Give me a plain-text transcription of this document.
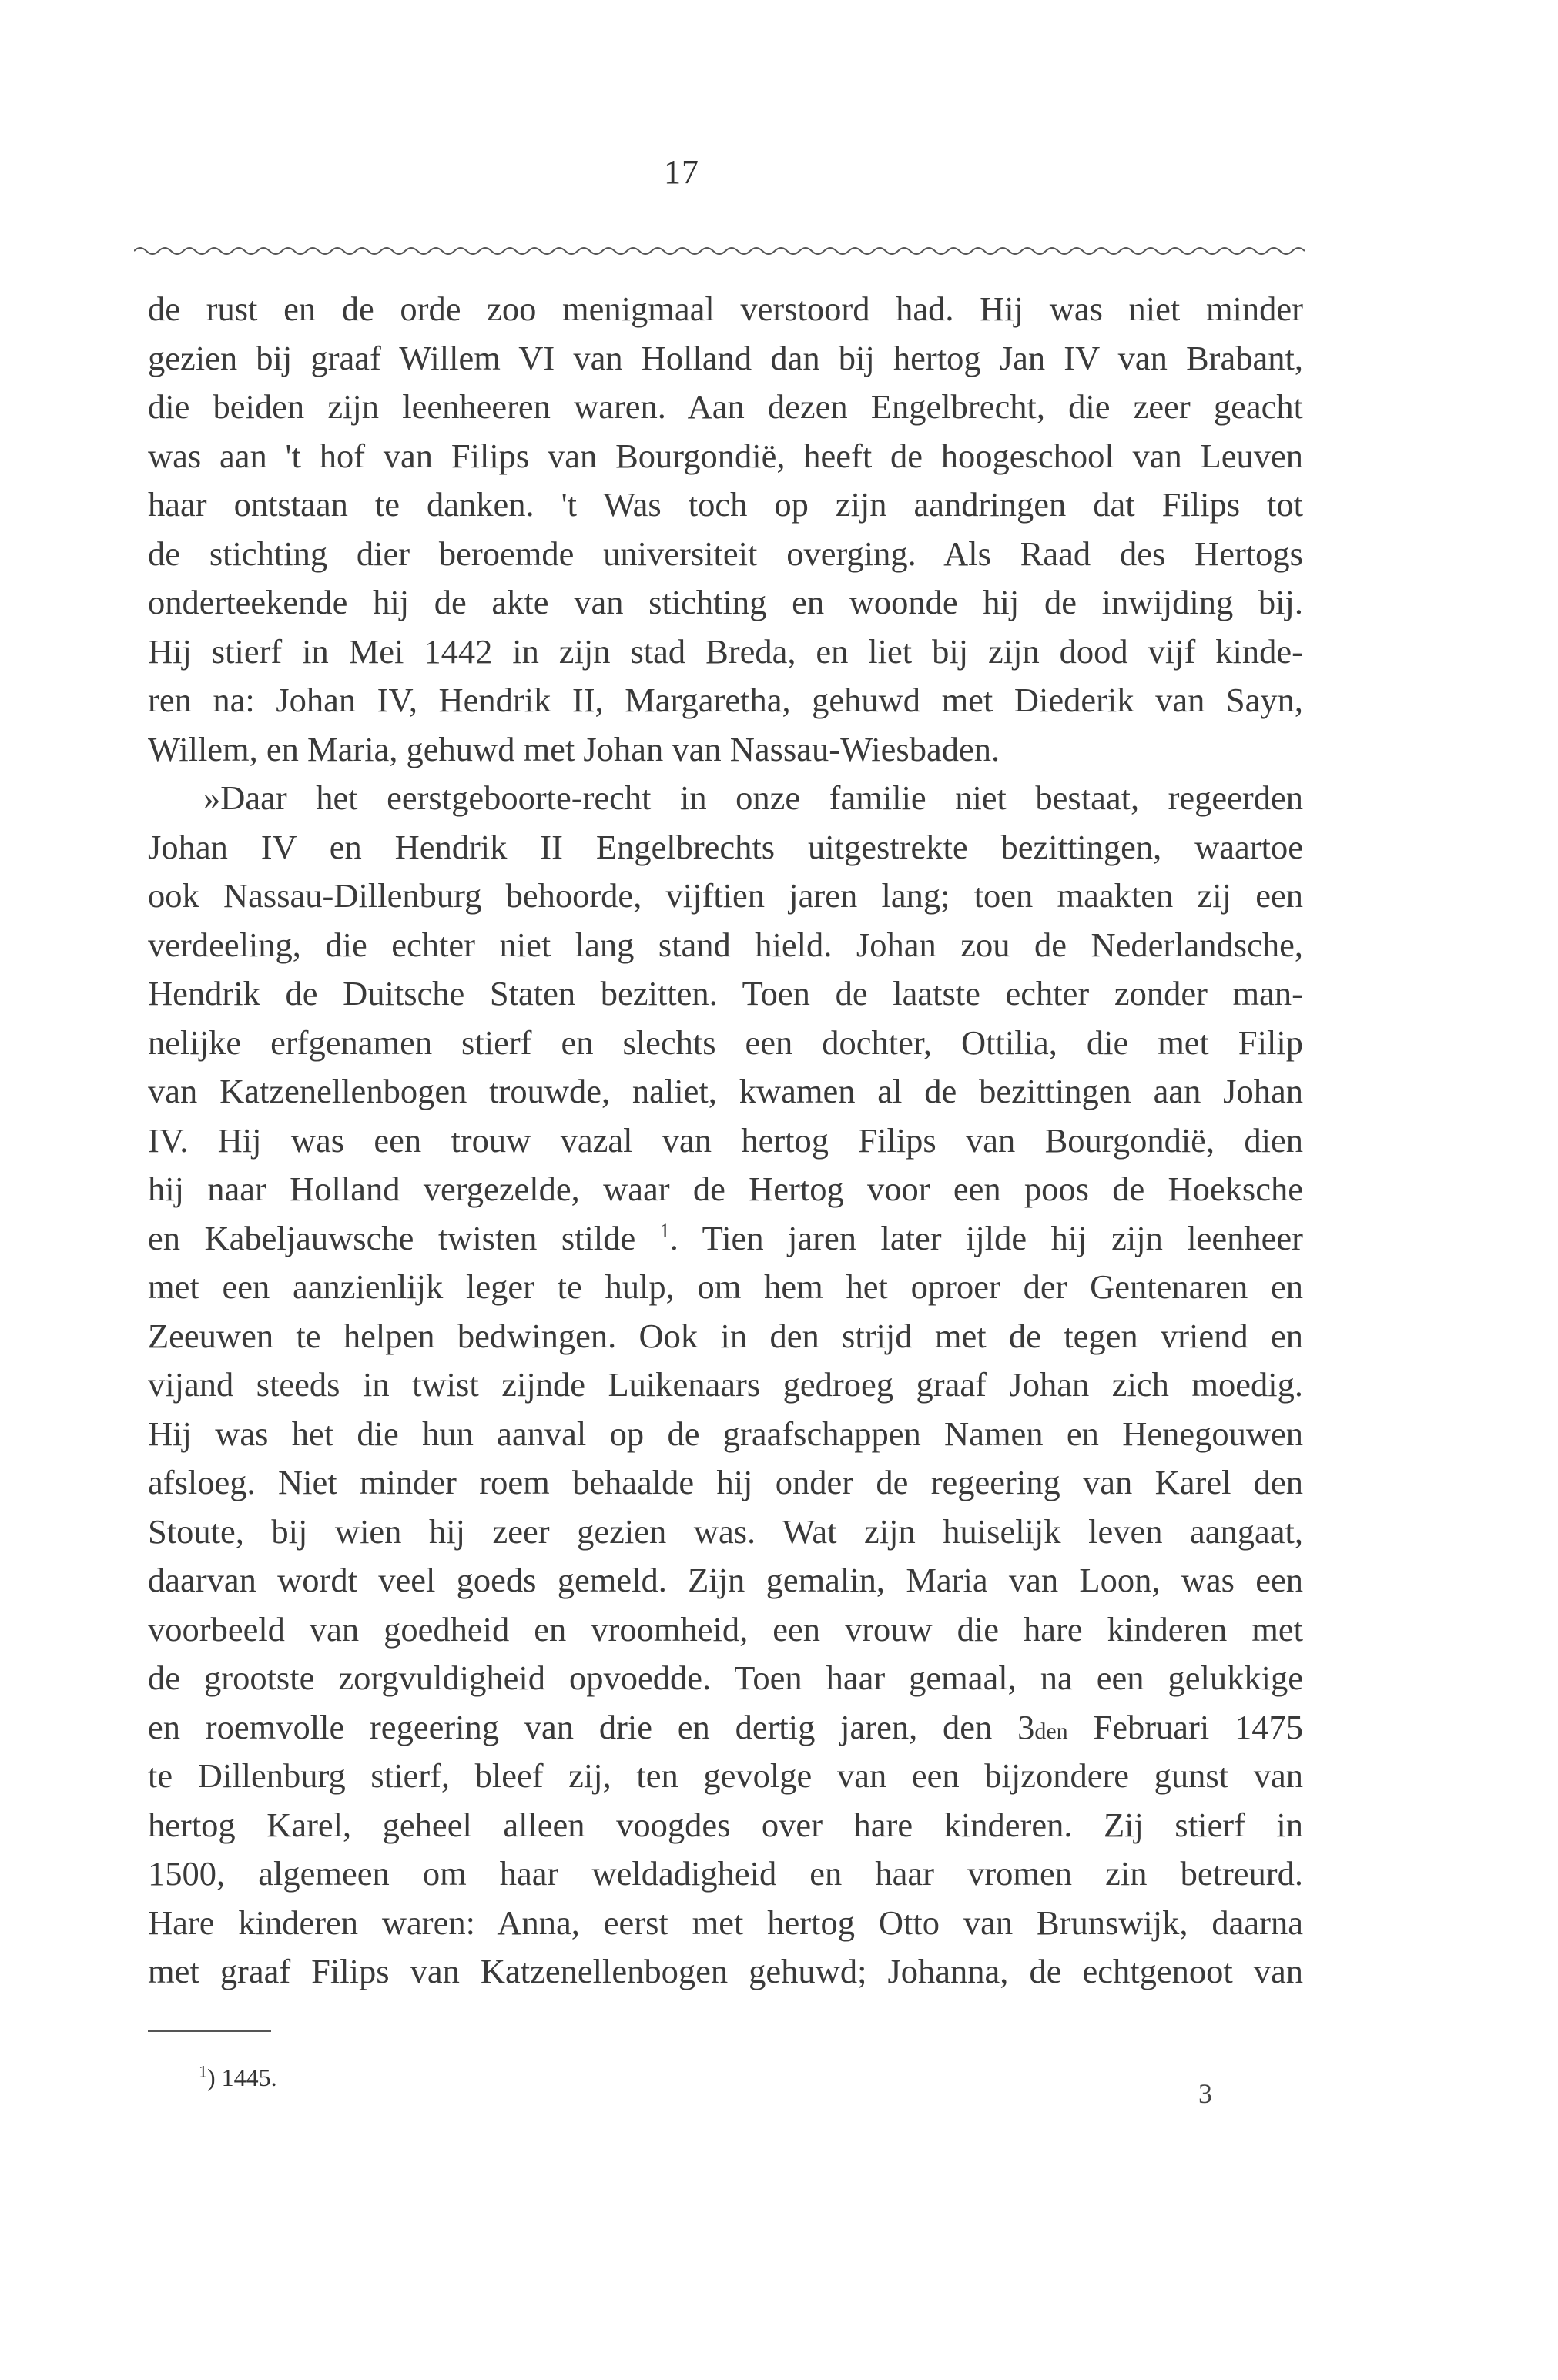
17
de rust en de orde zoo menigmaal verstoord had. Hij was niet minder
gezien bij graaf Willem VI van Holland dan bij hertog Jan IV van Brabant,
die beiden zijn leenheeren waren. Aan dezen Engelbrecht, die zeer geacht
was aan 't hof van Filips van Bourgondië, heeft de hoogeschool van Leuven
haar ontstaan te danken. 't Was toch op zijn aandringen dat Filips tot
de stichting dier beroemde universiteit overging. Als Raad des Hertogs
onderteekende hij de akte van stichting en woonde hij de inwijding bij.
Hij stierf in Mei 1442 in zijn stad Breda, en liet bij zijn dood vijf kinde-
ren na: Johan IV, Hendrik II, Margaretha, gehuwd met Diederik van Sayn,
Willem, en Maria, gehuwd met Johan van Nassau-Wiesbaden.
»Daar het eerstgeboorte-recht in onze familie niet bestaat, regeerden
Johan IV en Hendrik II Engelbrechts uitgestrekte bezittingen, waartoe
ook Nassau-Dillenburg behoorde, vijftien jaren lang; toen maakten zij een
verdeeling, die echter niet lang stand hield. Johan zou de Nederlandsche,
Hendrik de Duitsche Staten bezitten. Toen de laatste echter zonder man-
nelijke erfgenamen stierf en slechts een dochter, Ottilia, die met Filip
van Katzenellenbogen trouwde, naliet, kwamen al de bezittingen aan Johan
IV. Hij was een trouw vazal van hertog Filips van Bourgondië, dien
hij naar Holland vergezelde, waar de Hertog voor een poos de Hoeksche
en Kabeljauwsche twisten stilde $^1$. Tien jaren later ijlde hij zijn leenheer
met een aanzienlijk leger te hulp, om hem het oproer der Gentenaren en
Zeeuwen te helpen bedwingen. Ook in den strijd met de tegen vriend en
vijand steeds in twist zijnde Luikenaars gedroeg graaf Johan zich moedig.
Hij was het die hun aanval op de graafschappen Namen en Henegouwen
afsloeg. Niet minder roem behaalde hij onder de regeering van Karel den
Stoute, bij wien hij zeer gezien was. Wat zijn huiselijk leven aangaat,
daarvan wordt veel goeds gemeld. Zijn gemalin, Maria van Loon, was een
voorbeeld van goedheid en vroomheid, een vrouw die hare kinderen met
de grootste zorgvuldigheid opvoedde. Toen haar gemaal, na een gelukkige
en roemvolle regeering van drie en dertig jaren, den 3den Februari 1475
te Dillenburg stierf, bleef zij, ten gevolge van een bijzondere gunst van
hertog Karel, geheel alleen voogdes over hare kinderen. Zij stierf in
1500, algemeen om haar weldadigheid en haar vromen zin betreurd.
Hare kinderen waren: Anna, eerst met hertog Otto van Brunswijk, daarna
met graaf Filips van Katzenellenbogen gehuwd; Johanna, de echtgenoot van
$^1$) 1445.
3
